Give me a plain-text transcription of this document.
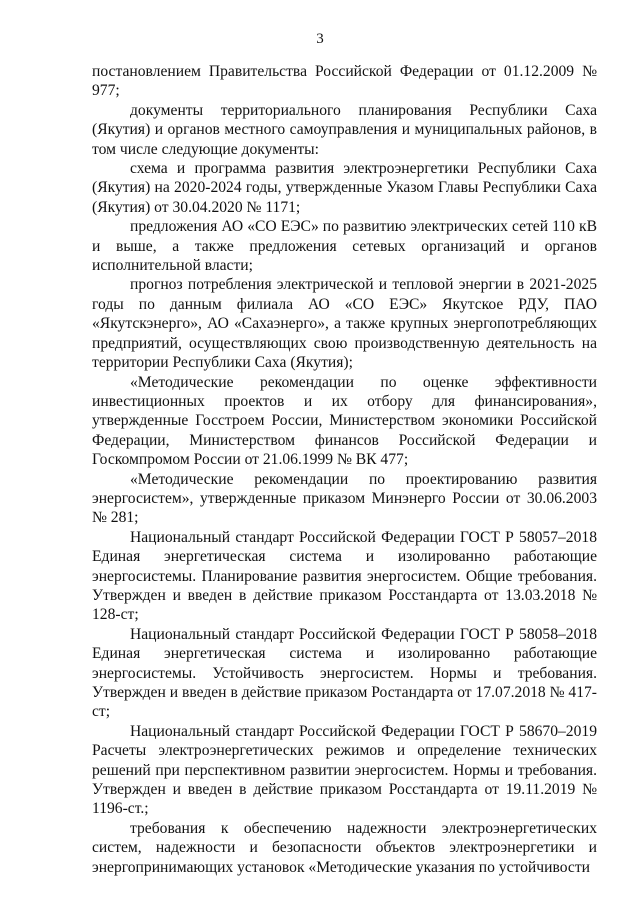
3

постановлением Правительства Российской Федерации от 01.12.2009 № 977;

документы территориального планирования Республики Саха (Якутия) и органов местного самоуправления и муниципальных районов, в том числе следующие документы:

схема и программа развития электроэнергетики Республики Саха (Якутия) на 2020-2024 годы, утвержденные Указом Главы Республики Саха (Якутия) от 30.04.2020 № 1171;

предложения АО «СО ЕЭС» по развитию электрических сетей 110 кВ и выше, а также предложения сетевых организаций и органов исполнительной власти;

прогноз потребления электрической и тепловой энергии в 2021-2025 годы по данным филиала АО «СО ЕЭС» Якутское РДУ, ПАО «Якутскэнерго», АО «Сахаэнерго», а также крупных энергопотребляющих предприятий, осуществляющих свою производственную деятельность на территории Республики Саха (Якутия);

«Методические рекомендации по оценке эффективности инвестиционных проектов и их отбору для финансирования», утвержденные Госстроем России, Министерством экономики Российской Федерации, Министерством финансов Российской Федерации и Госкомпромом России от 21.06.1999 № ВК 477;

«Методические рекомендации по проектированию развития энергосистем», утвержденные приказом Минэнерго России от 30.06.2003 № 281;

Национальный стандарт Российской Федерации ГОСТ Р 58057–2018 Единая энергетическая система и изолированно работающие энергосистемы. Планирование развития энергосистем. Общие требования. Утвержден и введен в действие приказом Росстандарта от 13.03.2018 № 128-ст;

Национальный стандарт Российской Федерации ГОСТ Р 58058–2018 Единая энергетическая система и изолированно работающие энергосистемы. Устойчивость энергосистем. Нормы и требования. Утвержден и введен в действие приказом Ростандарта от 17.07.2018 № 417-ст;

Национальный стандарт Российской Федерации ГОСТ Р 58670–2019 Расчеты электроэнергетических режимов и определение технических решений при перспективном развитии энергосистем. Нормы и требования. Утвержден и введен в действие приказом Росстандарта от 19.11.2019 № 1196-ст.;

требования к обеспечению надежности электроэнергетических систем, надежности и безопасности объектов электроэнергетики и энергопринимающих установок «Методические указания по устойчивости
